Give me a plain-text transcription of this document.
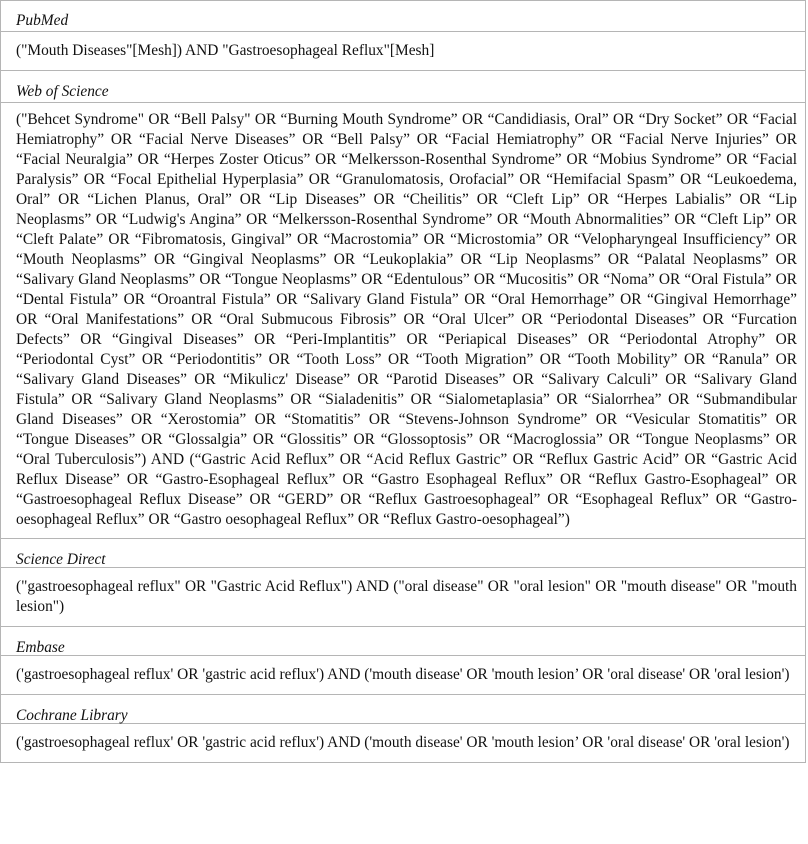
PubMed

("Mouth Diseases"[Mesh]) AND "Gastroesophageal Reflux"[Mesh]

Web of Science

("Behcet Syndrome" OR “Bell Palsy" OR “Burning Mouth Syndrome” OR “Candidiasis, Oral” OR “Dry Socket” OR “Facial Hemiatrophy” OR “Facial Nerve Diseases” OR “Bell Palsy” OR “Facial Hemiatrophy” OR “Facial Nerve Injuries” OR “Facial Neuralgia” OR “Herpes Zoster Oticus” OR “Melkersson-Rosenthal Syndrome” OR “Mobius Syndrome” OR “Facial Paralysis” OR “Focal Epithelial Hyperplasia” OR “Granulomatosis, Orofacial” OR “Hemifacial Spasm” OR “Leukoedema, Oral” OR “Lichen Planus, Oral” OR “Lip Diseases” OR “Cheilitis” OR “Cleft Lip” OR “Herpes Labialis” OR “Lip Neoplasms” OR “Ludwig's Angina” OR “Melkersson-Rosenthal Syndrome” OR “Mouth Abnormalities” OR “Cleft Lip” OR “Cleft Palate” OR “Fibromatosis, Gingival” OR “Macrostomia” OR “Microstomia” OR “Velopharyngeal Insufficiency” OR “Mouth Neoplasms” OR “Gingival Neoplasms” OR “Leukoplakia” OR “Lip Neoplasms” OR “Palatal Neoplasms” OR “Salivary Gland Neoplasms” OR “Tongue Neoplasms” OR “Edentulous” OR “Mucositis” OR “Noma” OR “Oral Fistula” OR “Dental Fistula” OR “Oroantral Fistula” OR “Salivary Gland Fistula” OR “Oral Hemorrhage” OR “Gingival Hemorrhage” OR “Oral Manifestations” OR “Oral Submucous Fibrosis” OR “Oral Ulcer” OR “Periodontal Diseases” OR “Furcation Defects” OR “Gingival Diseases” OR “Peri-Implantitis” OR “Periapical Diseases” OR “Periodontal Atrophy” OR “Periodontal Cyst” OR “Periodontitis” OR “Tooth Loss” OR “Tooth Migration” OR “Tooth Mobility” OR “Ranula” OR “Salivary Gland Diseases” OR “Mikulicz' Disease” OR “Parotid Diseases” OR “Salivary Calculi” OR “Salivary Gland Fistula” OR “Salivary Gland Neoplasms” OR “Sialadenitis” OR “Sialometaplasia” OR “Sialorrhea” OR “Submandibular Gland Diseases” OR “Xerostomia” OR “Stomatitis” OR “Stevens-Johnson Syndrome” OR “Vesicular Stomatitis” OR “Tongue Diseases” OR “Glossalgia” OR “Glossitis” OR “Glossoptosis” OR “Macroglossia” OR “Tongue Neoplasms” OR “Oral Tuberculosis”) AND (“Gastric Acid Reflux” OR “Acid Reflux Gastric” OR “Reflux Gastric Acid” OR “Gastric Acid Reflux Disease” OR “Gastro-Esophageal Reflux” OR “Gastro Esophageal Reflux” OR “Reflux Gastro-Esophageal” OR “Gastroesophageal Reflux Disease” OR “GERD” OR “Reflux Gastroesophageal” OR “Esophageal Reflux” OR “Gastro- oesophageal Reflux” OR “Gastro oesophageal Reflux” OR “Reflux Gastro-oesophageal”)

Science Direct

("gastroesophageal reflux" OR "Gastric Acid Reflux") AND ("oral disease" OR "oral lesion" OR "mouth disease" OR "mouth lesion")

Embase

('gastroesophageal reflux' OR 'gastric acid reflux') AND ('mouth disease' OR 'mouth lesion’ OR 'oral disease' OR 'oral lesion')

Cochrane Library

('gastroesophageal reflux' OR 'gastric acid reflux') AND ('mouth disease' OR 'mouth lesion’ OR 'oral disease' OR 'oral lesion')
